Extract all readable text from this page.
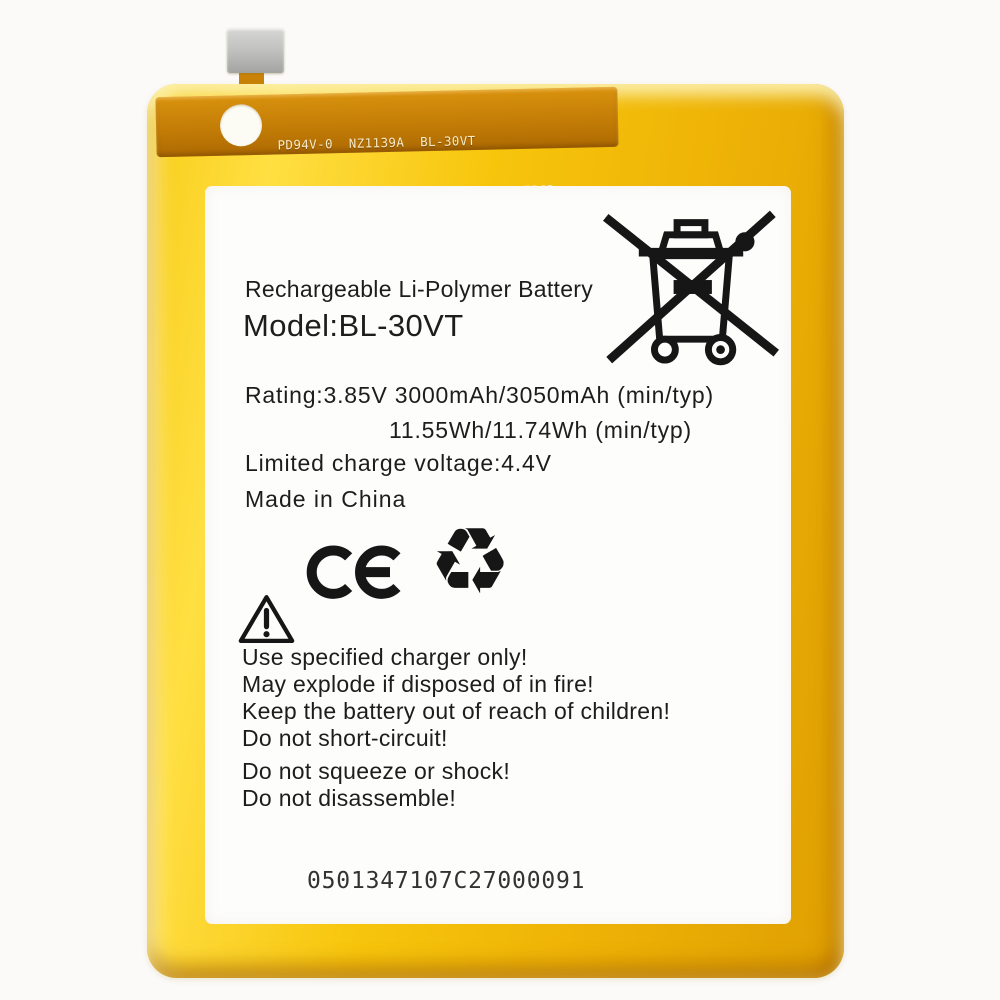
PD94V-0  NZ1139A  BL-30VT

Rechargeable Li-Polymer Battery
Model:BL-30VT
Rating:3.85V 3000mAh/3050mAh (min/typ)
11.55Wh/11.74Wh (min/typ)
Limited charge voltage:4.4V
Made in China
♻
Use specified charger only!
May explode if disposed of in fire!
Keep the battery out of reach of children!
Do not short-circuit!
Do not squeeze or shock!
Do not disassemble!
0501347107C27000091
